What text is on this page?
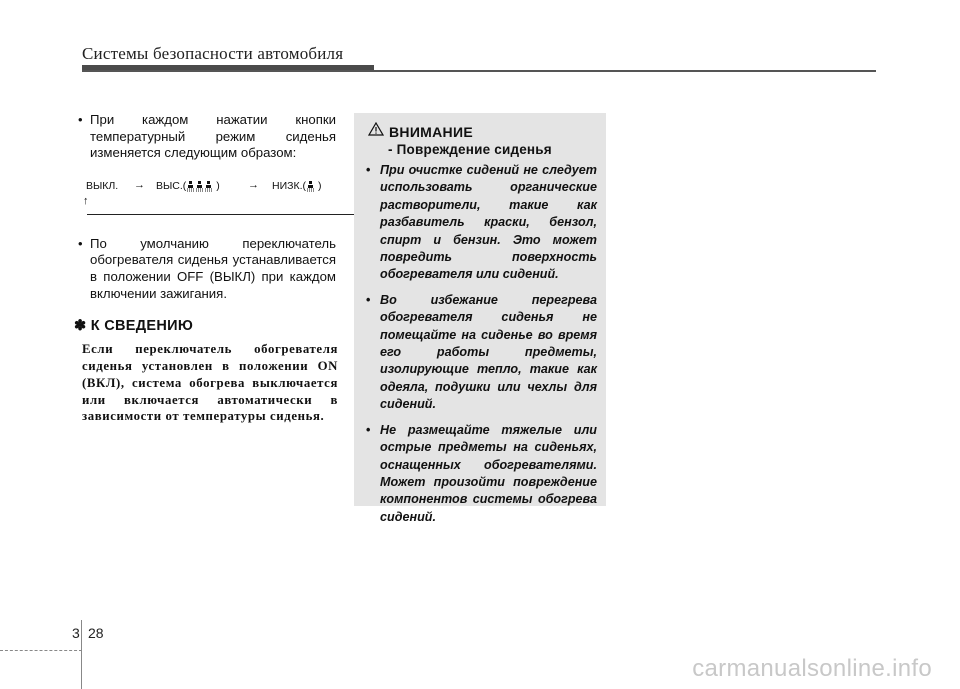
Системы безопасности автомобиля
• При каждом нажатии кнопки температурный режим сиденья изменяется следующим образом:
ВЫКЛ. → ВЫС.(	)	→ НИЗК.( )
↑
• По умолчанию переключатель обогревателя сиденья устанавливается в положении OFF (ВЫКЛ) при каждом включении зажигания.
✽ К СВЕДЕНИЮ
Если переключатель обогревателя сиденья установлен в положении ON (ВКЛ), система обогрева выключается или включается автоматически в зависимости от температуры сиденья.
ВНИМАНИЕ
- Повреждение сиденья
• При очистке сидений не следует использовать органические растворители, такие как разбавитель краски, бензол, спирт и бензин. Это может повредить поверхность обогревателя или сидений.
• Во избежание перегрева обогревателя сиденья не помещайте на сиденье во время его работы предметы, изолирующие тепло, такие как одеяла, подушки или чехлы для сидений.
• Не размещайте тяжелые или острые предметы на сиденьях, оснащенных обогревателями. Может произойти повреждение компонентов системы обогрева сидений.
3 28
carmanualsonline.info
